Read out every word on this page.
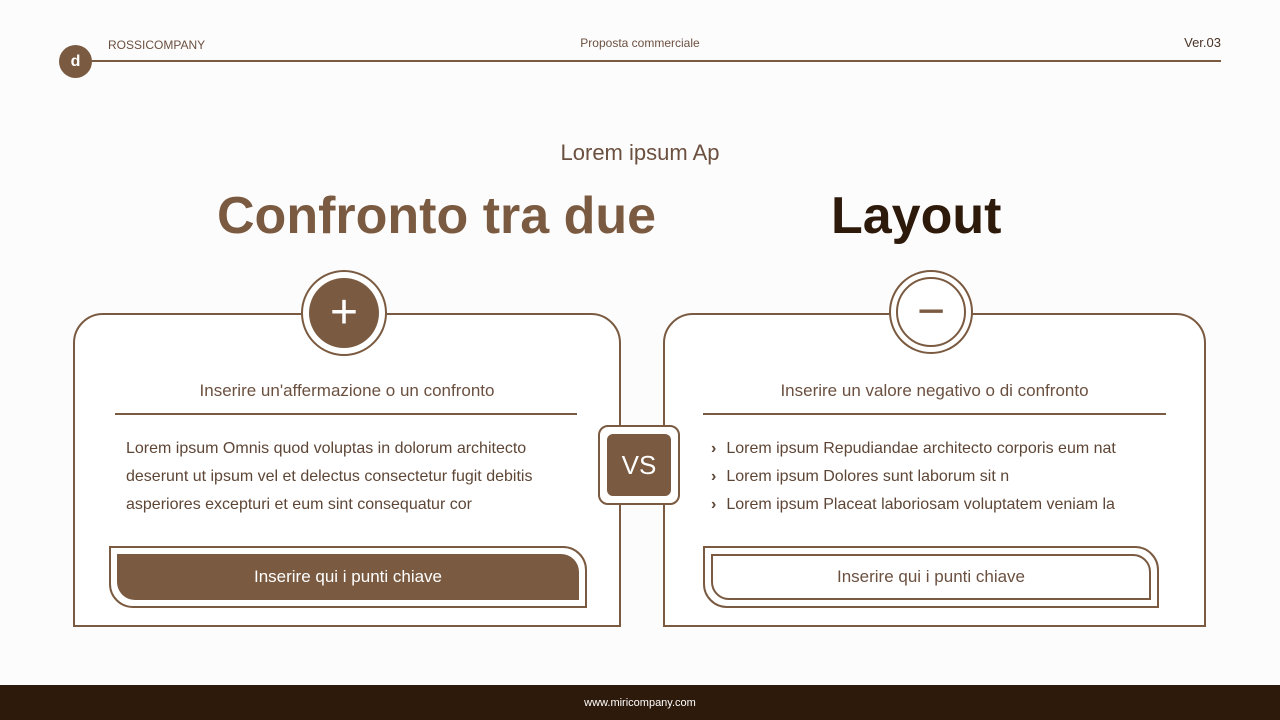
d
ROSSICOMPANY	Proposta commerciale	Ver.03
Lorem ipsum Ap
Confronto tra due	Layout
Inserire un'affermazione o un confronto
Lorem ipsum Omnis quod voluptas in dolorum architecto deserunt ut ipsum vel et delectus consectetur fugit debitis asperiores excepturi et eum sint consequatur cor
Inserire qui i punti chiave
+
Inserire un valore negativo o di confronto
› Lorem ipsum Repudiandae architecto corporis eum nat
› Lorem ipsum Dolores sunt laborum sit n
› Lorem ipsum Placeat laboriosam voluptatem veniam la
Inserire qui i punti chiave
−
VS
www.miricompany.com
